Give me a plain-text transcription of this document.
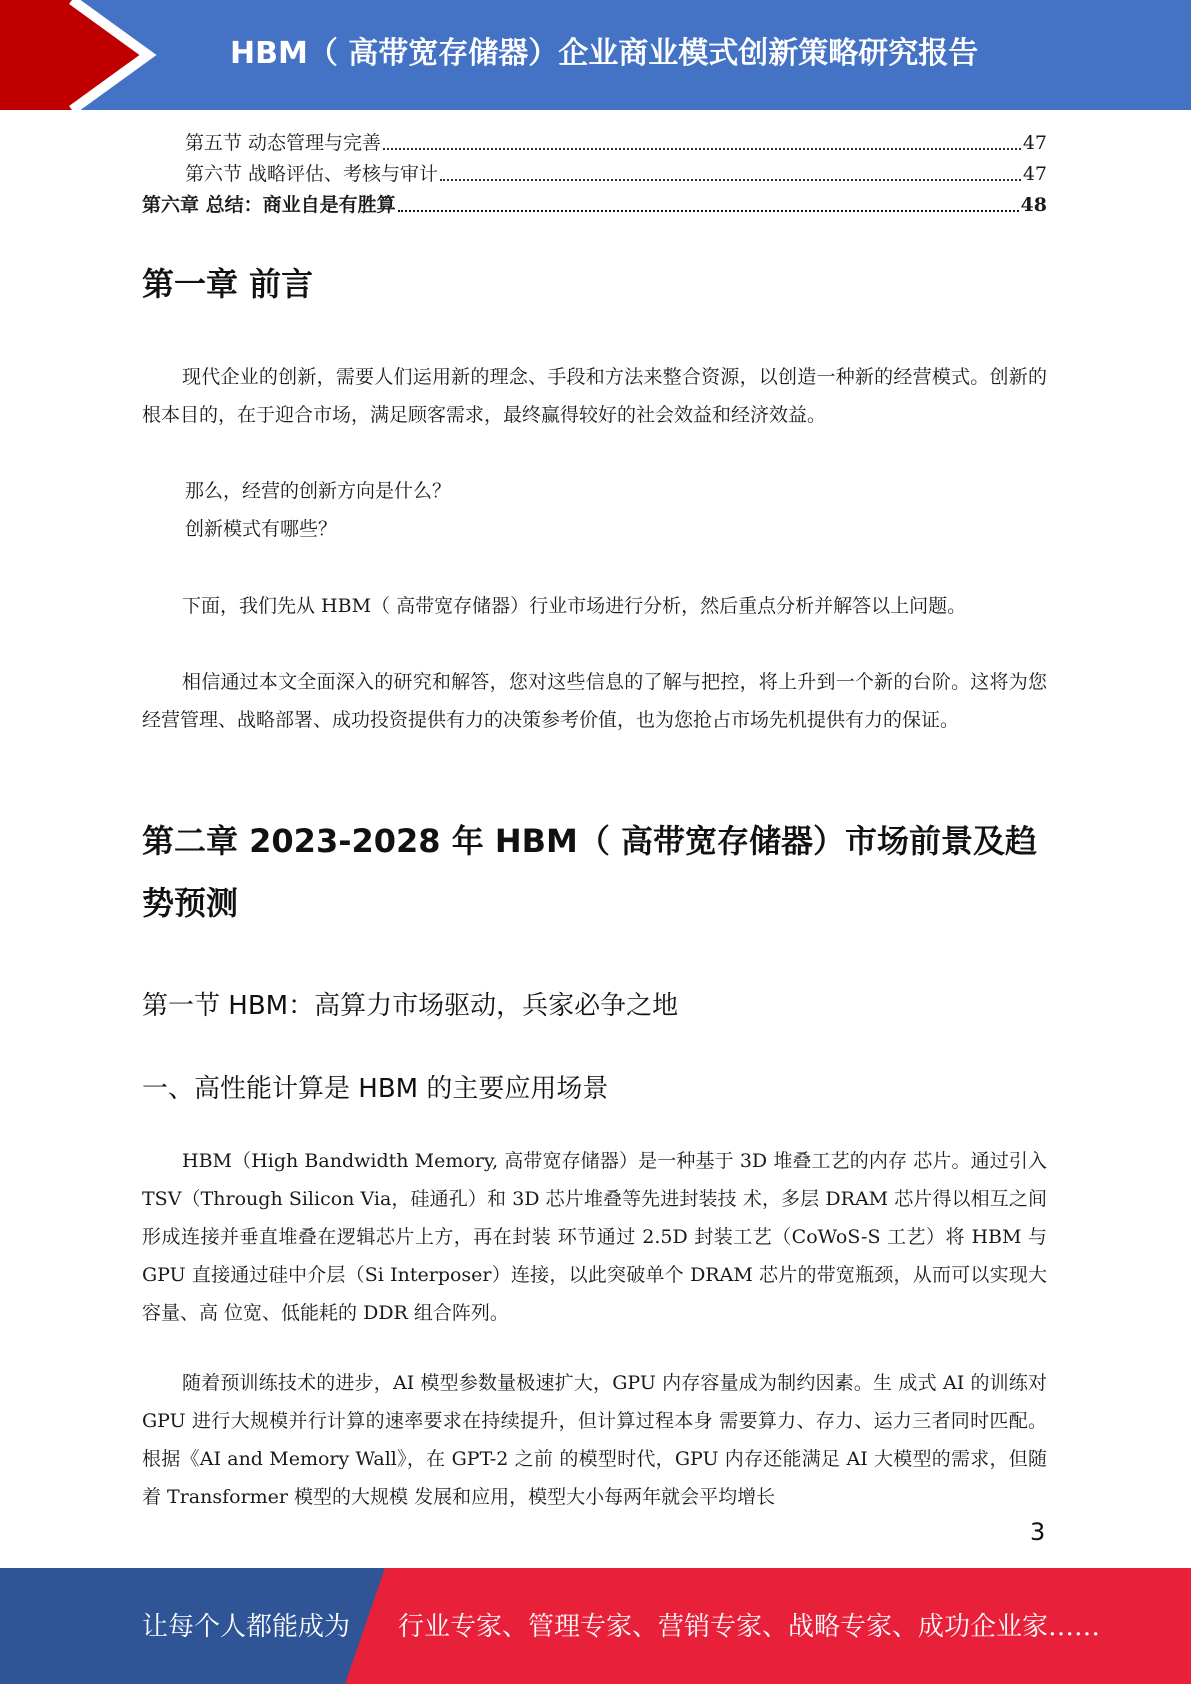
HBM（ 高带宽存储器）企业商业模式创新策略研究报告
第五节 动态管理与完善	47
第六节 战略评估、考核与审计	47
第六章 总结：商业自是有胜算	48
第一章 前言
现代企业的创新，需要人们运用新的理念、手段和方法来整合资源，以创造一种新的经营模式。创新的根本目的，在于迎合市场，满足顾客需求，最终赢得较好的社会效益和经济效益。
那么，经营的创新方向是什么？
创新模式有哪些？
下面，我们先从 HBM（ 高带宽存储器）行业市场进行分析，然后重点分析并解答以上问题。
相信通过本文全面深入的研究和解答，您对这些信息的了解与把控，将上升到一个新的台阶。这将为您经营管理、战略部署、成功投资提供有力的决策参考价值，也为您抢占市场先机提供有力的保证。
第二章 2023-2028 年 HBM（ 高带宽存储器）市场前景及趋势预测
第一节 HBM：高算力市场驱动，兵家必争之地
一、高性能计算是 HBM 的主要应用场景
HBM（High Bandwidth Memory, 高带宽存储器）是一种基于 3D 堆叠工艺的内存 芯片。通过引入 TSV（Through Silicon Via，硅通孔）和 3D 芯片堆叠等先进封装技 术，多层 DRAM 芯片得以相互之间形成连接并垂直堆叠在逻辑芯片上方，再在封装 环节通过 2.5D 封装工艺（CoWoS-S 工艺）将 HBM 与 GPU 直接通过硅中介层（Si Interposer）连接，以此突破单个 DRAM 芯片的带宽瓶颈，从而可以实现大容量、高 位宽、低能耗的 DDR 组合阵列。
随着预训练技术的进步，AI 模型参数量极速扩大，GPU 内存容量成为制约因素。生 成式 AI 的训练对 GPU 进行大规模并行计算的速率要求在持续提升，但计算过程本身 需要算力、存力、运力三者同时匹配。根据《AI and Memory Wall》，在 GPT-2 之前 的模型时代，GPU 内存还能满足 AI 大模型的需求，但随着 Transformer 模型的大规模 发展和应用，模型大小每两年就会平均增长
3
让每个人都能成为 行业专家、管理专家、营销专家、战略专家、成功企业家……
